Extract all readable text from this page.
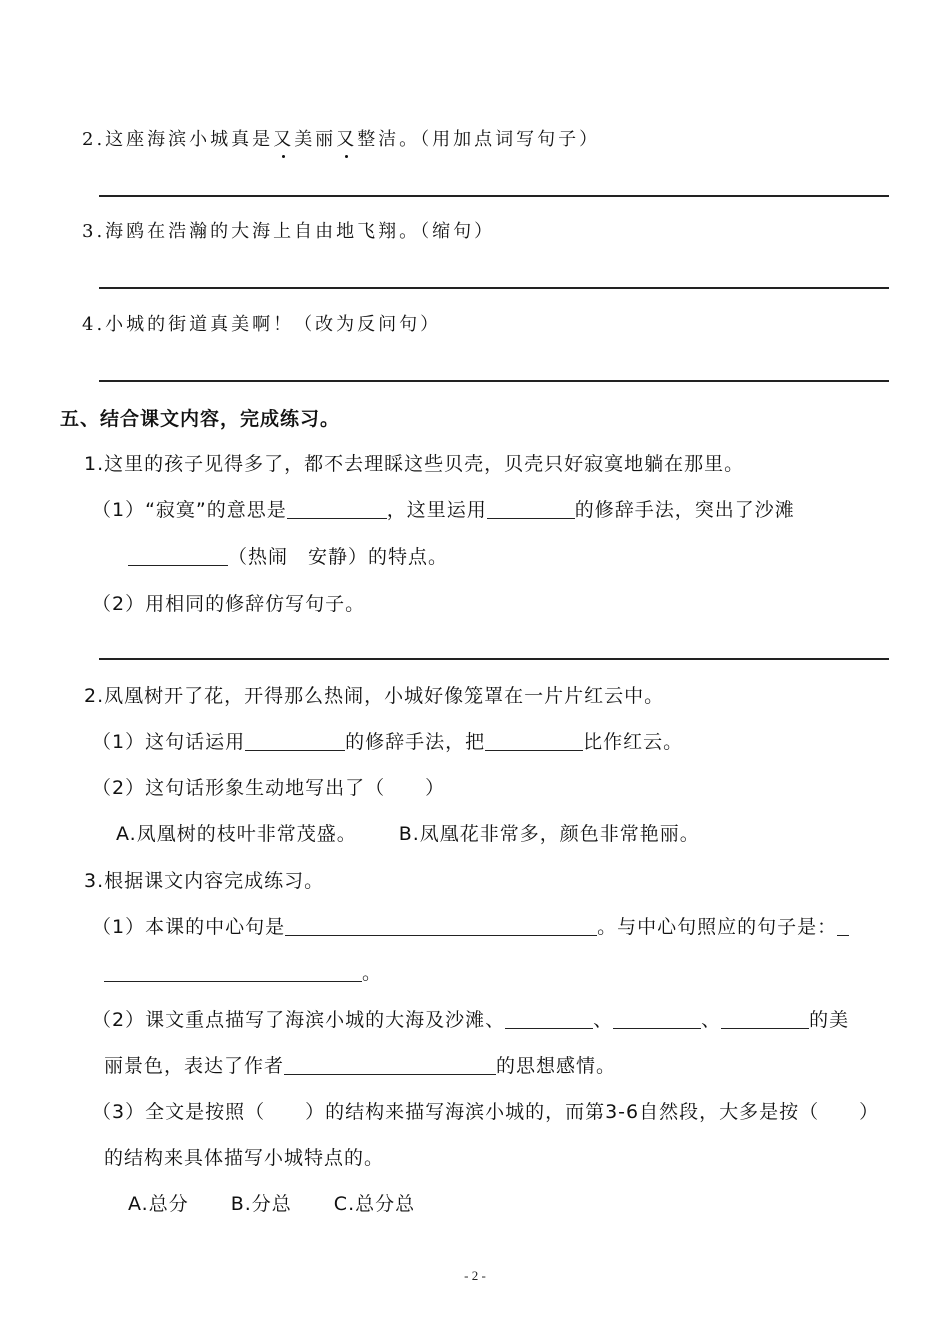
2.这座海滨小城真是又美丽又整洁。（用加点词写句子）
3.海鸥在浩瀚的大海上自由地飞翔。（缩句）
4.小城的街道真美啊！（改为反问句）
五、结合课文内容，完成练习。
1.这里的孩子见得多了，都不去理睬这些贝壳，贝壳只好寂寞地躺在那里。
（1）“寂寞”的意思是	，这里运用	的修辞手法，突出了沙滩
（热闹　安静）的特点。
（2）用相同的修辞仿写句子。
2.凤凰树开了花，开得那么热闹，小城好像笼罩在一片片红云中。
（1）这句话运用	的修辞手法，把	比作红云。
（2）这句话形象生动地写出了（　　）
A.凤凰树的枝叶非常茂盛。 B.凤凰花非常多，颜色非常艳丽。
3.根据课文内容完成练习。
（1）本课的中心句是	。与中心句照应的句子是：
。
（2）课文重点描写了海滨小城的大海及沙滩、	、	、	的美
丽景色，表达了作者	的思想感情。
（3）全文是按照（　　）的结构来描写海滨小城的，而第3-6自然段，大多是按（　　）
的结构来具体描写小城特点的。
A.总分 B.分总 C.总分总
- 2 -
